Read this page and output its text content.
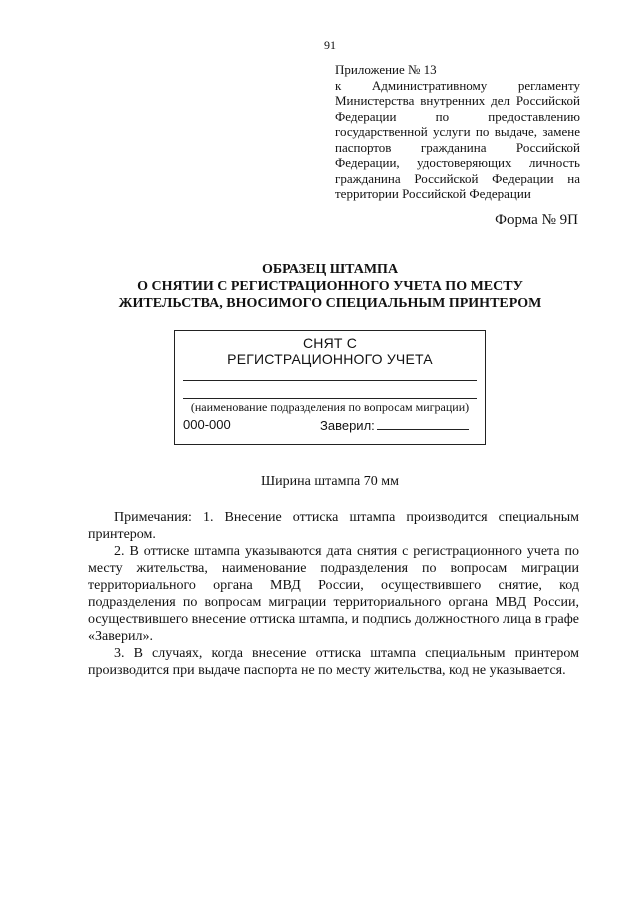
91
Приложение № 13
к Административному регламенту Министерства внутренних дел Российской Федерации по предоставлению государственной услуги по выдаче, замене паспортов гражданина Российской Федерации, удостоверяющих личность гражданина Российской Федерации на территории Российской Федерации
Форма № 9П
ОБРАЗЕЦ ШТАМПА
О СНЯТИИ С РЕГИСТРАЦИОННОГО УЧЕТА ПО МЕСТУ
ЖИТЕЛЬСТВА, ВНОСИМОГО СПЕЦИАЛЬНЫМ ПРИНТЕРОМ
СНЯТ С
РЕГИСТРАЦИОННОГО УЧЕТА
(наименование подразделения по вопросам миграции)
000-000	Заверил:
Ширина штампа 70 мм

Примечания: 1. Внесение оттиска штампа производится специальным принтером.

2. В оттиске штампа указываются дата снятия с регистрационного учета по месту жительства, наименование подразделения по вопросам миграции территориального органа МВД России, осуществившего снятие, код подразделения по вопросам миграции территориального органа МВД России, осуществившего внесение оттиска штампа, и подпись должностного лица в графе «Заверил».

3. В случаях, когда внесение оттиска штампа специальным принтером производится при выдаче паспорта не по месту жительства, код не указывается.
